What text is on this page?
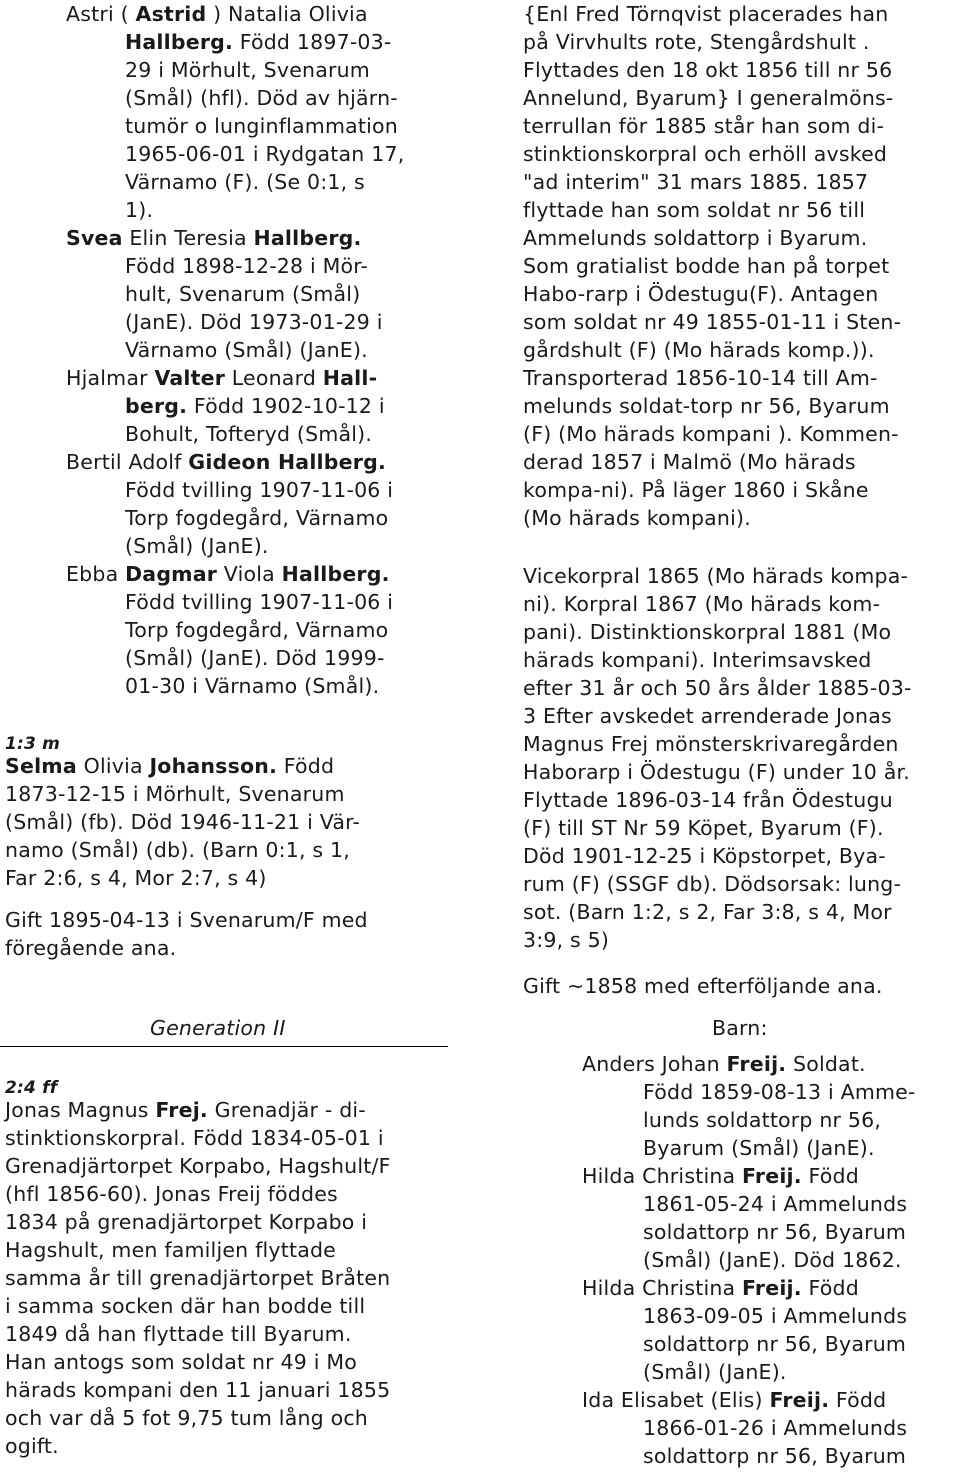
Astri ( Astrid ) Natalia Olivia
Hallberg. Född 1897-03-
29 i Mörhult, Svenarum
(Smål) (hfl). Död av hjärn-
tumör o lunginflammation
1965-06-01 i Rydgatan 17,
Värnamo (F). (Se 0:1, s
1).
Svea Elin Teresia Hallberg.
Född 1898-12-28 i Mör-
hult, Svenarum (Smål)
(JanE). Död 1973-01-29 i
Värnamo (Smål) (JanE).
Hjalmar Valter Leonard Hall-
berg. Född 1902-10-12 i
Bohult, Tofteryd (Smål).
Bertil Adolf Gideon Hallberg.
Född tvilling 1907-11-06 i
Torp fogdegård, Värnamo
(Smål) (JanE).
Ebba Dagmar Viola Hallberg.
Född tvilling 1907-11-06 i
Torp fogdegård, Värnamo
(Smål) (JanE). Död 1999-
01-30 i Värnamo (Smål).
1:3 m
Selma Olivia Johansson. Född
1873-12-15 i Mörhult, Svenarum
(Smål) (fb). Död 1946-11-21 i Vär-
namo (Smål) (db). (Barn 0:1, s 1,
Far 2:6, s 4, Mor 2:7, s 4)
Gift 1895-04-13 i Svenarum/F med
föregående ana.
Generation II
2:4 ff
Jonas Magnus Frej. Grenadjär - di-
stinktionskorpral. Född 1834-05-01 i
Grenadjärtorpet Korpabo, Hagshult/F
(hfl 1856-60). Jonas Freij föddes
1834 på grenadjärtorpet Korpabo i
Hagshult, men familjen flyttade
samma år till grenadjärtorpet Bråten
i samma socken där han bodde till
1849 då han flyttade till Byarum.
Han antogs som soldat nr 49 i Mo
härads kompani den 11 januari 1855
och var då 5 fot 9,75 tum lång och
ogift.
{Enl Fred Törnqvist placerades han
på Virvhults rote, Stengårdshult .
Flyttades den 18 okt 1856 till nr 56
Annelund, Byarum} I generalmöns-
terrullan för 1885 står han som di-
stinktionskorpral och erhöll avsked
"ad interim" 31 mars 1885. 1857
flyttade han som soldat nr 56 till
Ammelunds soldattorp i Byarum.
Som gratialist bodde han på torpet
Habo-rarp i Ödestugu(F). Antagen
som soldat nr 49 1855-01-11 i Sten-
gårdshult (F) (Mo härads komp.)).
Transporterad 1856-10-14 till Am-
melunds soldat-torp nr 56, Byarum
(F) (Mo härads kompani ). Kommen-
derad 1857 i Malmö (Mo härads
kompa-ni). På läger 1860 i Skåne
(Mo härads kompani).
Vicekorpral 1865 (Mo härads kompa-
ni). Korpral 1867 (Mo härads kom-
pani). Distinktionskorpral 1881 (Mo
härads kompani). Interimsavsked
efter 31 år och 50 års ålder 1885-03-
3 Efter avskedet arrenderade Jonas
Magnus Frej mönsterskrivaregården
Haborarp i Ödestugu (F) under 10 år.
Flyttade 1896-03-14 från Ödestugu
(F) till ST Nr 59 Köpet, Byarum (F).
Död 1901-12-25 i Köpstorpet, Bya-
rum (F) (SSGF db). Dödsorsak: lung-
sot. (Barn 1:2, s 2, Far 3:8, s 4, Mor
3:9, s 5)
Gift ~1858 med efterföljande ana.
Barn:
Anders Johan Freij. Soldat.
Född 1859-08-13 i Amme-
lunds soldattorp nr 56,
Byarum (Smål) (JanE).
Hilda Christina Freij. Född
1861-05-24 i Ammelunds
soldattorp nr 56, Byarum
(Smål) (JanE). Död 1862.
Hilda Christina Freij. Född
1863-09-05 i Ammelunds
soldattorp nr 56, Byarum
(Smål) (JanE).
Ida Elisabet (Elis) Freij. Född
1866-01-26 i Ammelunds
soldattorp nr 56, Byarum
